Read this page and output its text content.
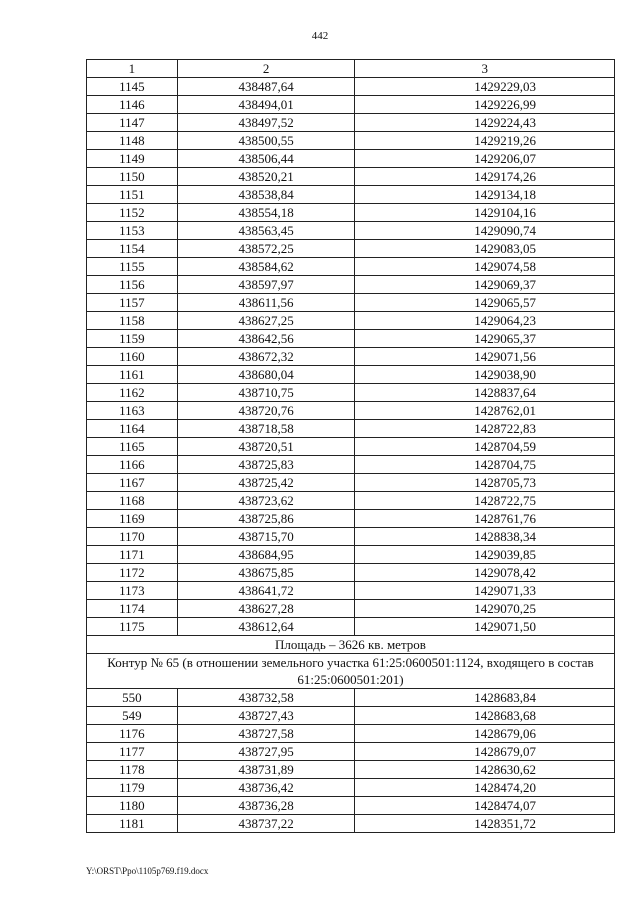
442
1	2	3
1145	438487,64	1429229,03
1146	438494,01	1429226,99
1147	438497,52	1429224,43
1148	438500,55	1429219,26
1149	438506,44	1429206,07
1150	438520,21	1429174,26
1151	438538,84	1429134,18
1152	438554,18	1429104,16
1153	438563,45	1429090,74
1154	438572,25	1429083,05
1155	438584,62	1429074,58
1156	438597,97	1429069,37
1157	438611,56	1429065,57
1158	438627,25	1429064,23
1159	438642,56	1429065,37
1160	438672,32	1429071,56
1161	438680,04	1429038,90
1162	438710,75	1428837,64
1163	438720,76	1428762,01
1164	438718,58	1428722,83
1165	438720,51	1428704,59
1166	438725,83	1428704,75
1167	438725,42	1428705,73
1168	438723,62	1428722,75
1169	438725,86	1428761,76
1170	438715,70	1428838,34
1171	438684,95	1429039,85
1172	438675,85	1429078,42
1173	438641,72	1429071,33
1174	438627,28	1429070,25
1175	438612,64	1429071,50
Площадь – 3626 кв. метров		
Контур № 65 (в отношении земельного участка 61:25:0600501:1124, входящего в состав 61:25:0600501:201)		
550	438732,58	1428683,84
549	438727,43	1428683,68
1176	438727,58	1428679,06
1177	438727,95	1428679,07
1178	438731,89	1428630,62
1179	438736,42	1428474,20
1180	438736,28	1428474,07
1181	438737,22	1428351,72
Y:\ORST\Ppo\1105p769.f19.docx
